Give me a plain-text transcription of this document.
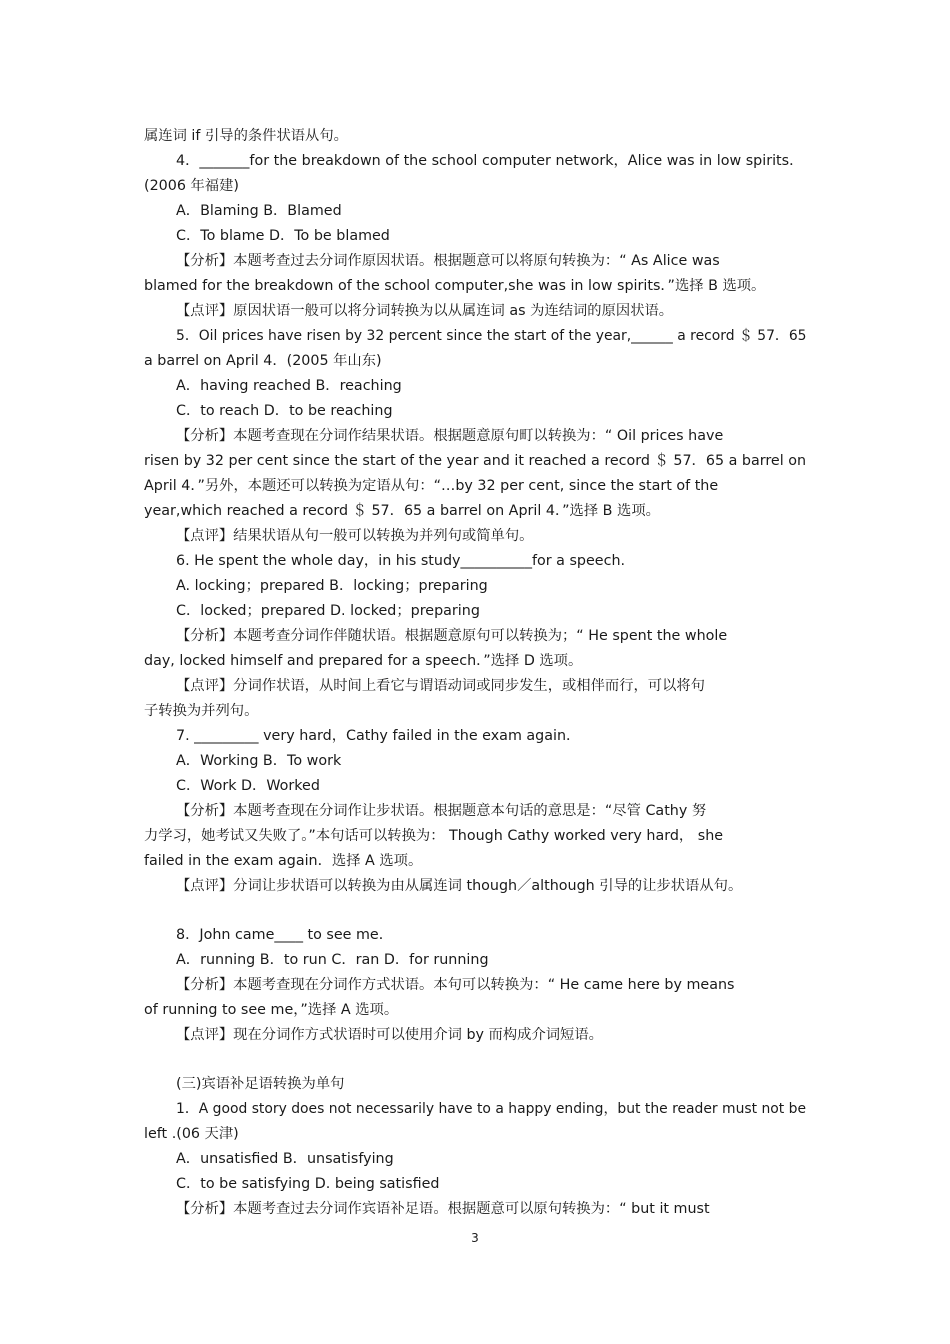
属连词 if 引导的条件状语从句。
4．_______for the breakdown of the school computer network，Alice was in low spirits．
(2006 年福建)
A．Blaming B．Blamed
C．To blame D．To be blamed
【分析】本题考查过去分词作原因状语。根据题意可以将原句转换为：“ As Alice was
blamed for the breakdown of the school computer,she was in low spirits．”选择 B 选项。
【点评】原因状语一般可以将分词转换为以从属连词 as 为连结词的原因状语。
5．Oil prices have risen by 32 percent since the start of the year,______ a record ＄ 57．65
a barrel on April 4．(2005 年山东)
A．having reached B．reaching
C．to reach D．to be reaching
【分析】本题考查现在分词作结果状语。根据题意原句町以转换为：“ Oil prices have
risen by 32 per cent since the start of the year and it reached a record ＄ 57．65 a barrel on
April 4．”另外，本题还可以转换为定语从句：“…by 32 per cent, since the start of the
year,which reached a record ＄ 57．65 a barrel on April 4．”选择 B 选项。
【点评】结果状语从句一般可以转换为并列句或简单句。
6. He spent the whole day，in his study__________for a speech.
A. locking；prepared B．locking；preparing
C．locked；prepared D. locked；preparing
【分析】本题考查分词作伴随状语。根据题意原句可以转换为；“ He spent the whole
day, locked himself and prepared for a speech．”选择 D 选项。
【点评】分词作状语，从时间上看它与谓语动词或同步发生，或相伴而行，可以将句
子转换为并列句。
7. _________ very hard，Cathy failed in the exam again．
A．Working B．To work
C．Work D．Worked
【分析】本题考查现在分词作让步状语。根据题意本句话的意思是：“尽管 Cathy 努
力学习，她考试又失败了。”本句话可以转换为： Though Cathy worked very hard， she
failed in the exam again．选择 A 选项。
【点评】分词让步状语可以转换为由从属连词 though／although 引导的让步状语从句。
8．John came____ to see me．
A．running B．to run C．ran D．for running
【分析】本题考查现在分词作方式状语。本句可以转换为：“ He came here by means
of running to see me，”选择 A 选项。
【点评】现在分词作方式状语时可以使用介词 by 而构成介词短语。
(三)宾语补足语转换为单句
1．A good story does not necessarily have to a happy ending，but the reader must not be
left .(06 天津)
A．unsatisfied B．unsatisfying
C．to be satisfying D. being satisfied
【分析】本题考查过去分词作宾语补足语。根据题意可以原句转换为：“ but it must
3
